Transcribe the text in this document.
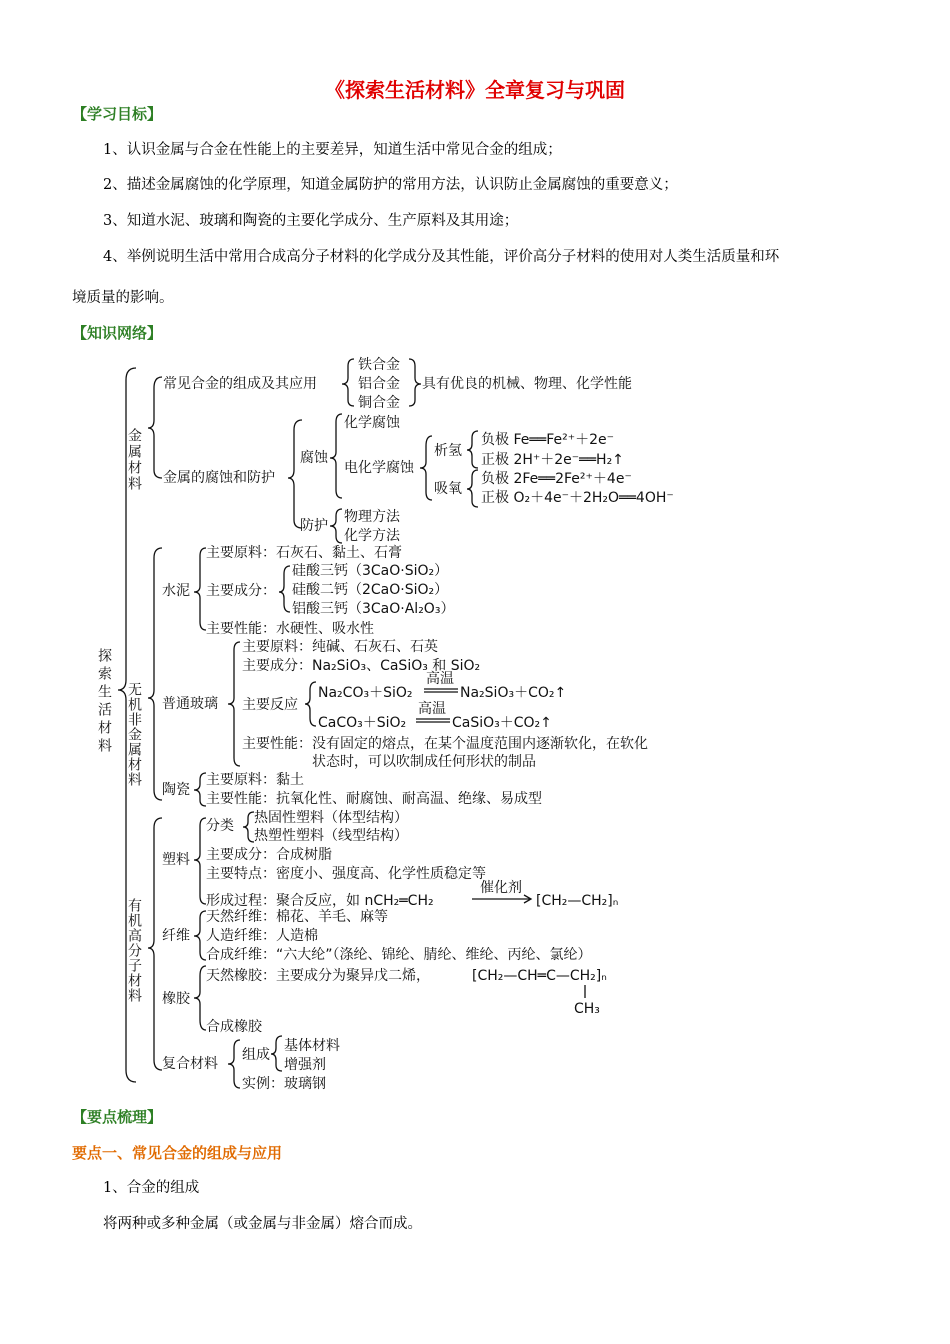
《探索生活材料》全章复习与巩固
【学习目标】
1、认识金属与合金在性能上的主要差异，知道生活中常见合金的组成；
2、描述金属腐蚀的化学原理，知道金属防护的常用方法，认识防止金属腐蚀的重要意义；
3、知道水泥、玻璃和陶瓷的主要化学成分、生产原料及其用途；
4、举例说明生活中常用合成高分子材料的化学成分及其性能，评价高分子材料的使用对人类生活质量和环
境质量的影响。
【知识网络】
探索生活材料
金属材料
常见合金的组成及其应用
铁合金
铝合金
铜合金
具有优良的机械、物理、化学性能
金属的腐蚀和防护
腐蚀
化学腐蚀
电化学腐蚀
析氢
负极 Fe══Fe²⁺＋2e⁻
正极 2H⁺＋2e⁻══H₂↑
吸氧
负极 2Fe══2Fe²⁺＋4e⁻
正极 O₂＋4e⁻＋2H₂O══4OH⁻
防护
物理方法
化学方法
无机非金属材料
水泥
主要原料：石灰石、黏土、石膏
主要成分：
硅酸三钙（3CaO·SiO₂）
硅酸二钙（2CaO·SiO₂）
铝酸三钙（3CaO·Al₂O₃）
主要性能：水硬性、吸水性
普通玻璃
主要原料：纯碱、石灰石、石英
主要成分：Na₂SiO₃、CaSiO₃ 和 SiO₂
主要反应
Na₂CO₃＋SiO₂
高温
Na₂SiO₃＋CO₂↑
CaCO₃＋SiO₂
高温
CaSiO₃＋CO₂↑
主要性能：没有固定的熔点，在某个温度范围内逐渐软化，在软化
状态时，可以吹制成任何形状的制品
陶瓷
主要原料：黏土
主要性能：抗氧化性、耐腐蚀、耐高温、绝缘、易成型
有机高分子材料
塑料
分类 热固性塑料（体型结构）
热塑性塑料（线型结构）
主要成分：合成树脂
主要特点：密度小、强度高、化学性质稳定等
形成过程：聚合反应，如 nCH₂═CH₂
催化剂
[CH₂—CH₂]ₙ
纤维
天然纤维：棉花、羊毛、麻等
人造纤维：人造棉
合成纤维：“六大纶”（涤纶、锦纶、腈纶、维纶、丙纶、氯纶）
橡胶
天然橡胶：主要成分为聚异戊二烯，	[CH₂—CH═C—CH₂]ₙ
CH₃
合成橡胶
复合材料
组成
基体材料
增强剂
实例：玻璃钢
【要点梳理】
要点一、常见合金的组成与应用
1、合金的组成
将两种或多种金属（或金属与非金属）熔合而成。
